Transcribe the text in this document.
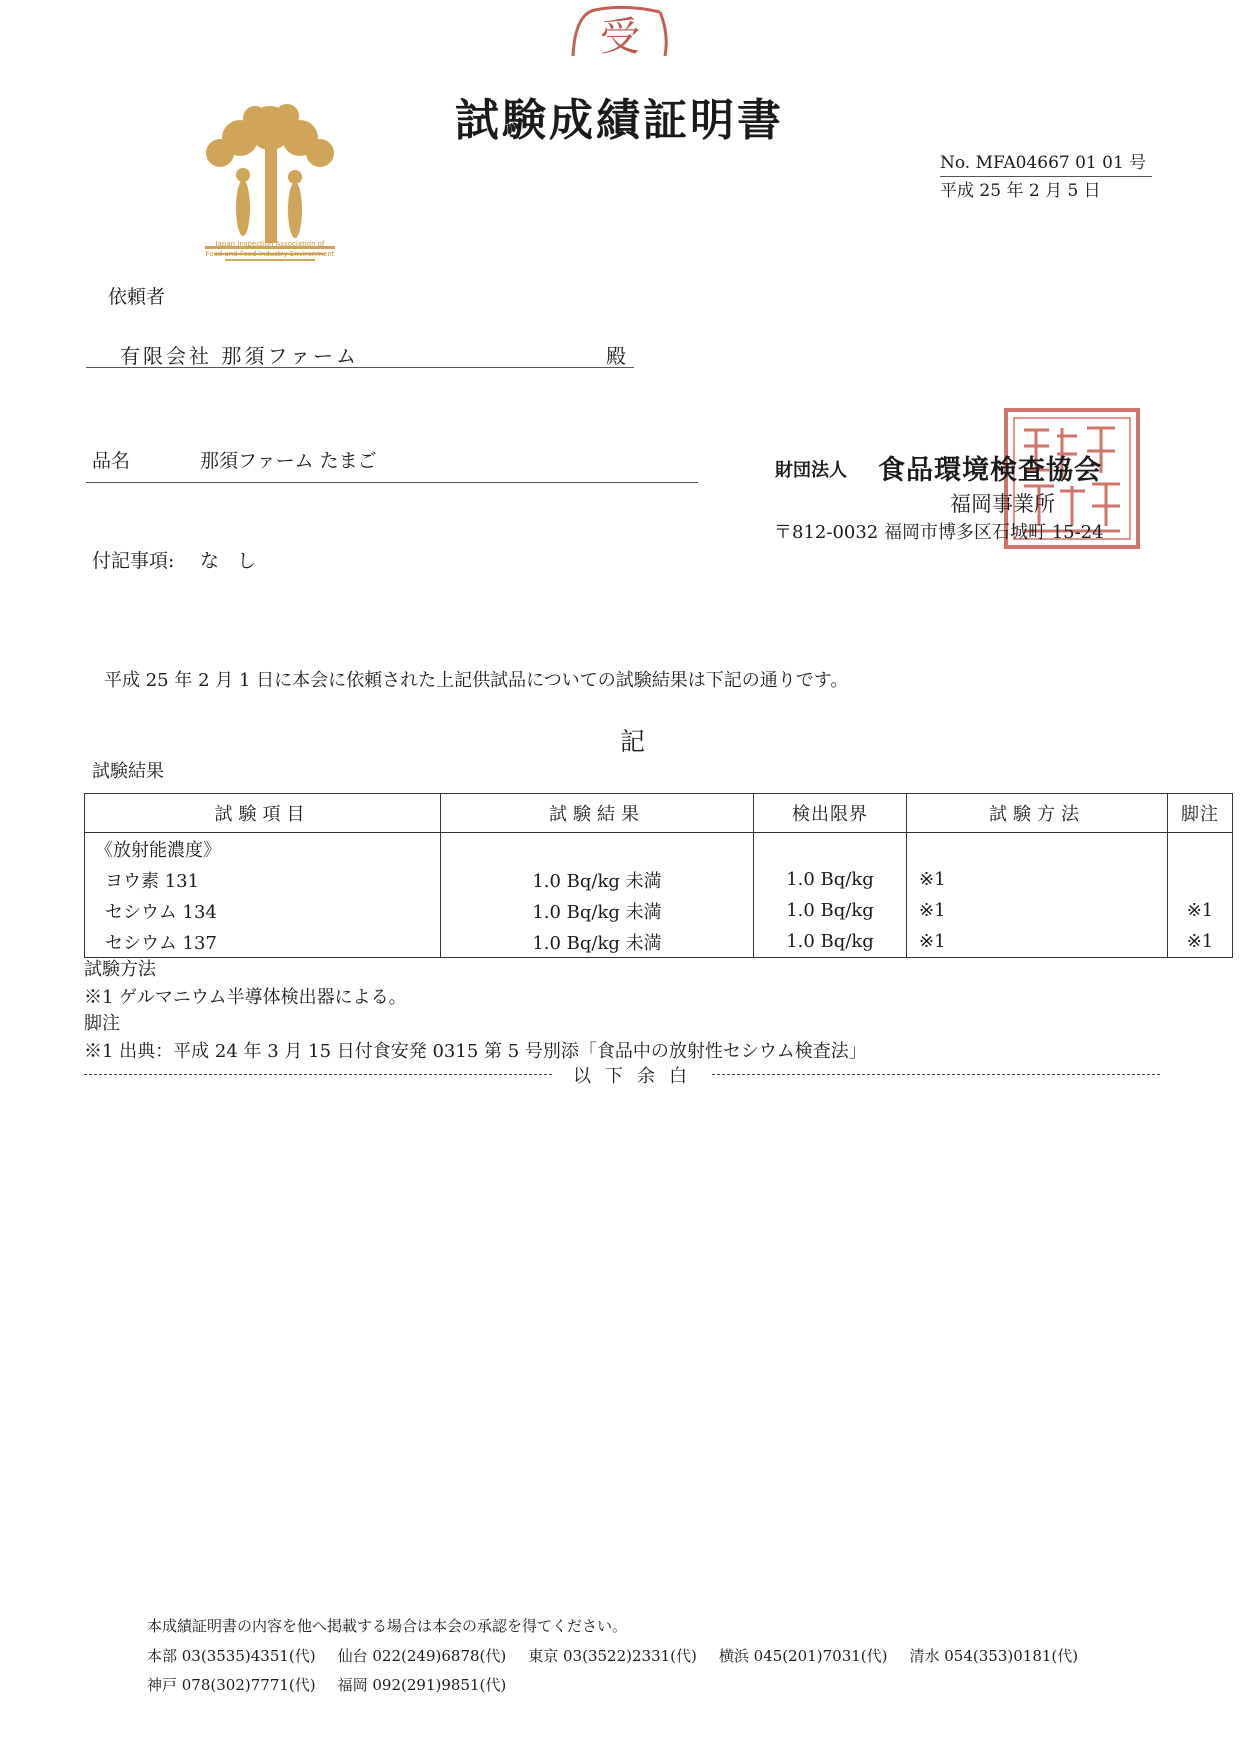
受
試験成績証明書
Japan Inspection Association of
Food and Food Industry Environment
No. MFA04667 01 01 号
平成 25 年 2 月 5 日
依頼者
有限会社 那須ファーム	殿
品名	那須ファーム たまご
付記事項: なし
財団法人 食品環境検査協会
福岡事業所
〒812-0032 福岡市博多区石城町 15-24
平成 25 年 2 月 1 日に本会に依頼された上記供試品についての試験結果は下記の通りです。
記
試験結果
試験項目	試験結果	検出限界	試験方法	脚注
《放射能濃度》				
ヨウ素 131	1.0 Bq/kg 未満	1.0 Bq/kg	※1	
セシウム 134	1.0 Bq/kg 未満	1.0 Bq/kg	※1	※1
セシウム 137	1.0 Bq/kg 未満	1.0 Bq/kg	※1	※1
試験方法
※1 ゲルマニウム半導体検出器による。
脚注
※1 出典：平成 24 年 3 月 15 日付食安発 0315 第 5 号別添「食品中の放射性セシウム検査法」
以下余白
本成績証明書の内容を他へ掲載する場合は本会の承認を得てください。
本部 03(3535)4351(代) 仙台 022(249)6878(代) 東京 03(3522)2331(代) 横浜 045(201)7031(代) 清水 054(353)0181(代)
神戸 078(302)7771(代) 福岡 092(291)9851(代)
